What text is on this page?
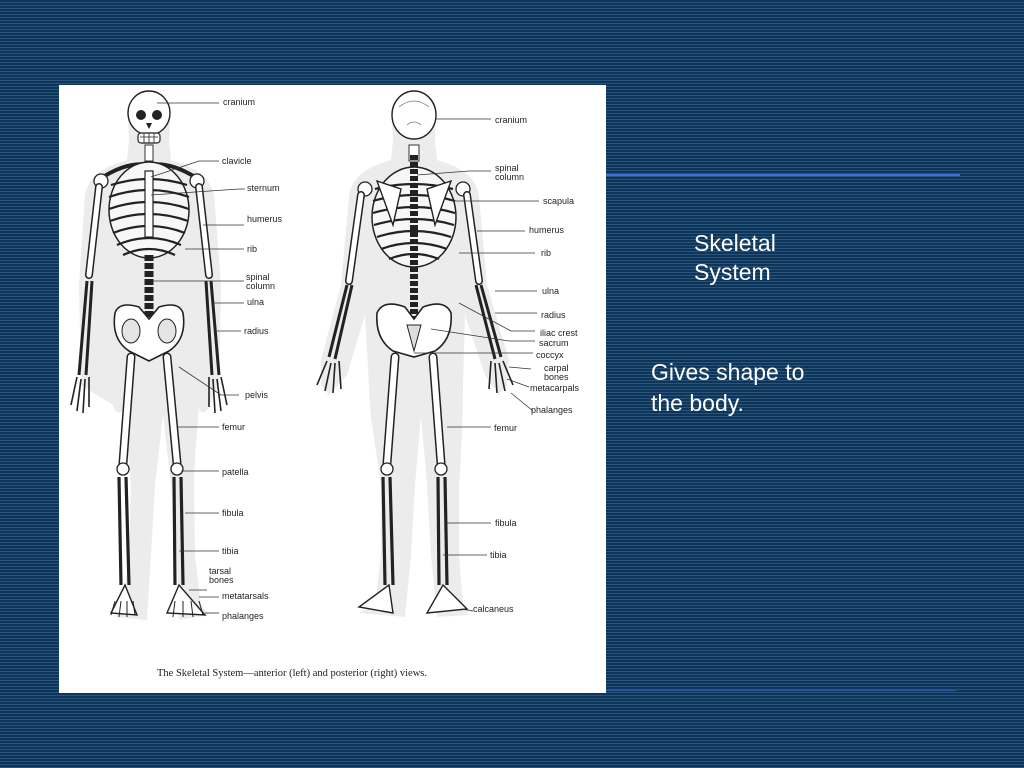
cranium
clavicle
sternum
humerus
rib
spinal
column
ulna
radius
pelvis
femur
patella
fibula
tibia
tarsal
bones
metatarsals
phalanges
cranium
spinal
column
scapula
humerus
rib
ulna
radius
iliac crest
sacrum
coccyx
carpal
bones
metacarpals
phalanges
femur
fibula
tibia
calcaneus
The Skeletal System—anterior (left) and posterior (right) views.
Skeletal
System
Gives shape to
the body.
